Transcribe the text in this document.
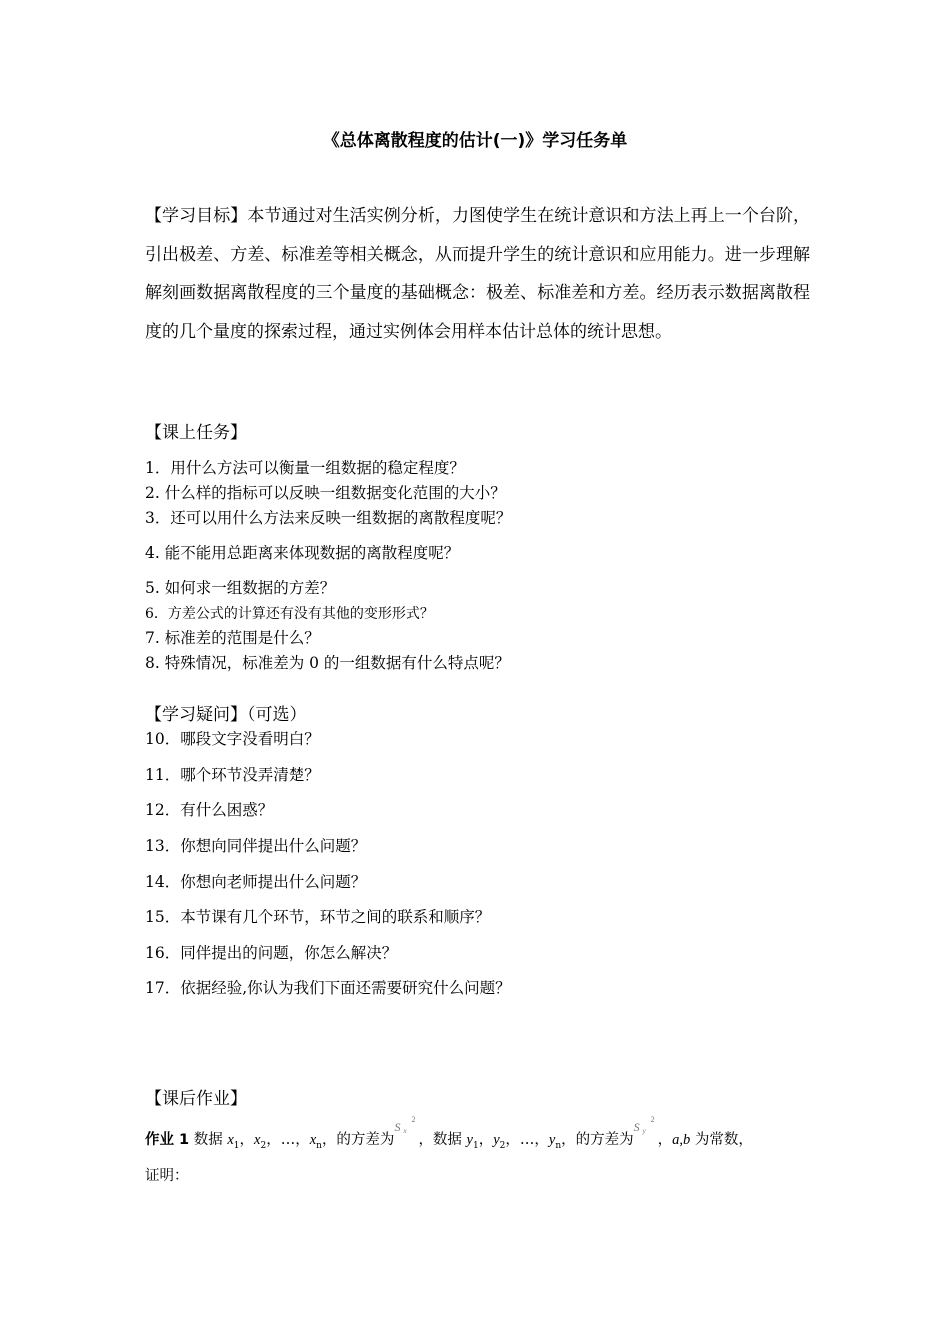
《总体离散程度的估计(一)》学习任务单

【学习目标】本节通过对生活实例分析，力图使学生在统计意识和方法上再上一个台阶，引出极差、方差、标准差等相关概念，从而提升学生的统计意识和应用能力。进一步理解解刻画数据离散程度的三个量度的基础概念：极差、标准差和方差。经历表示数据离散程度的几个量度的探索过程，通过实例体会用样本估计总体的统计思想。

【课上任务】
1．用什么方法可以衡量一组数据的稳定程度？
2. 什么样的指标可以反映一组数据变化范围的大小？
3．还可以用什么方法来反映一组数据的离散程度呢？
4. 能不能用总距离来体现数据的离散程度呢？
5. 如何求一组数据的方差？
6．方差公式的计算还有没有其他的变形形式？
7. 标准差的范围是什么？
8. 特殊情况，标准差为 0 的一组数据有什么特点呢？
【学习疑问】（可选）
10．哪段文字没看明白？
11．哪个环节没弄清楚？
12．有什么困惑？
13．你想向同伴提出什么问题？
14．你想向老师提出什么问题？
15．本节课有几个环节，环节之间的联系和顺序？
16．同伴提出的问题，你怎么解决？
17．依据经验,你认为我们下面还需要研究什么问题？
【课后作业】
作业 1 数据 $x_1$，$x_2$，…，$x_n$，的方差为
S x
2
，数据 $y_1$，$y_2$，…，$y_n$，的方差为
S y
2
，a,b 为常数，
证明：
